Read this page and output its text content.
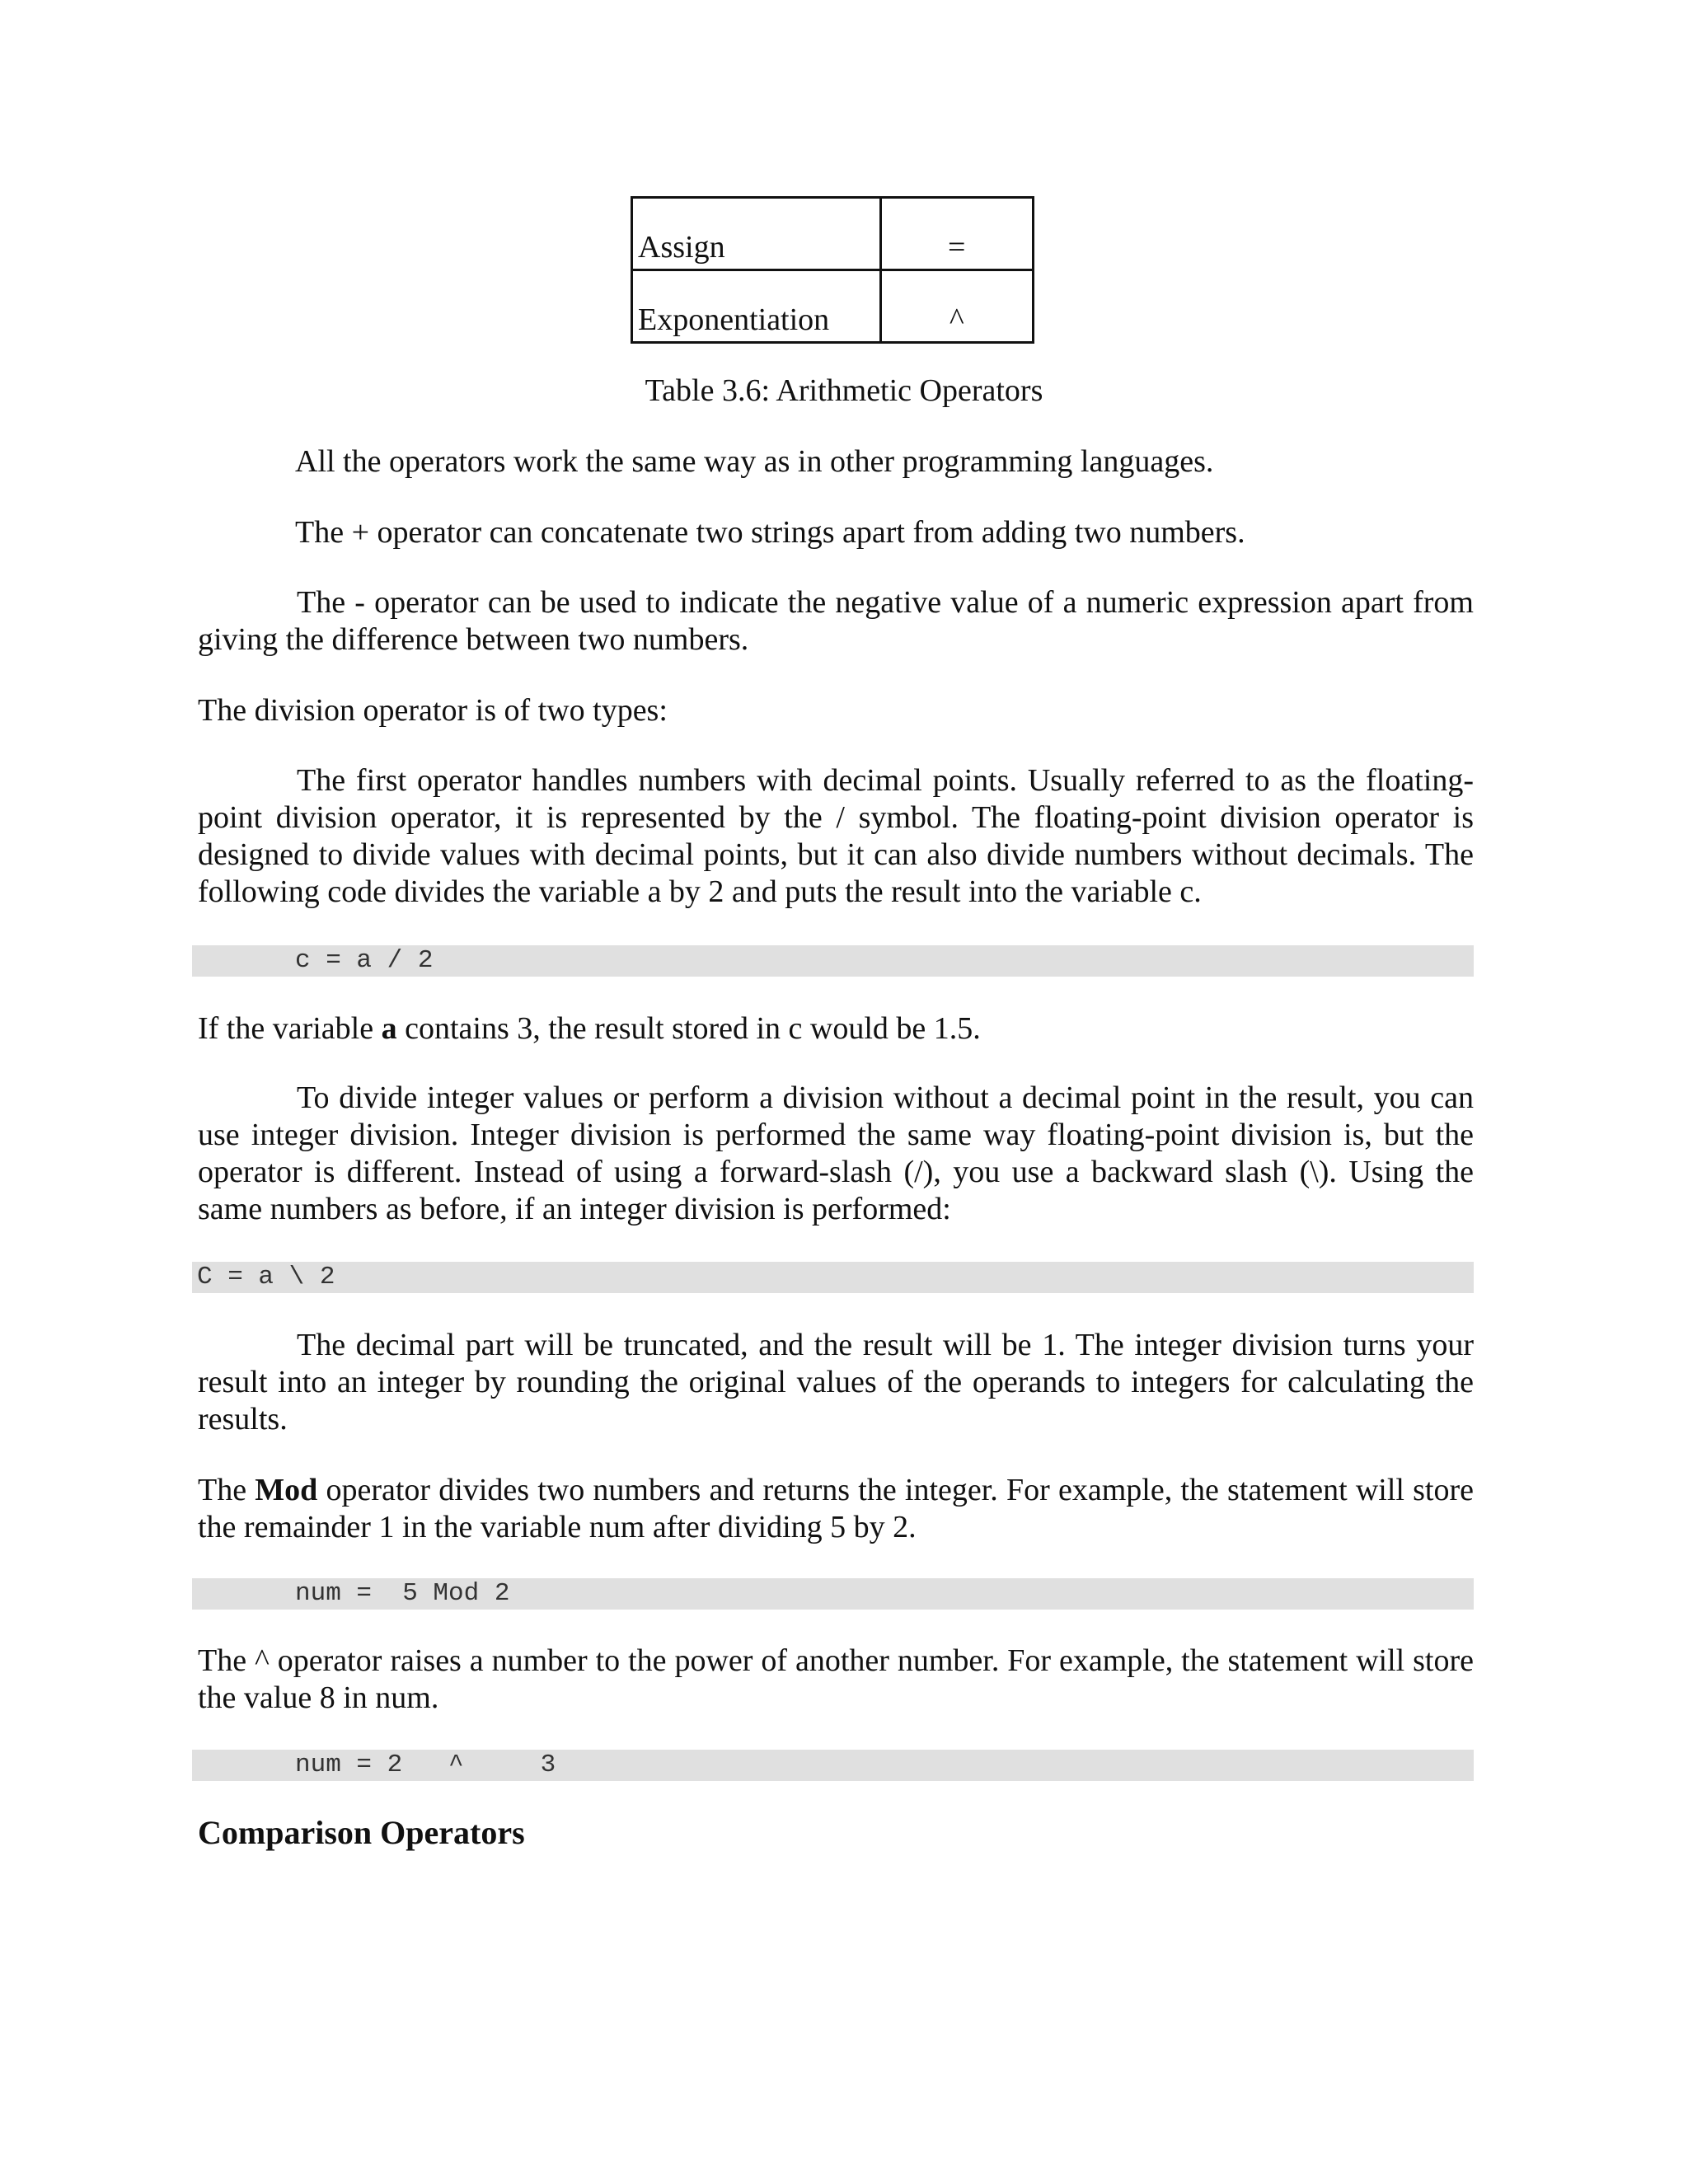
Assign	=
Exponentiation	^
Table 3.6: Arithmetic Operators

All the operators work the same way as in other programming languages.

The + operator can concatenate two strings apart from adding two numbers.

The - operator can be used to indicate the negative value of a numeric expression apart from giving the difference between two numbers.

The division operator is of two types:

The first operator handles numbers with decimal points. Usually referred to as the floating-point division operator, it is represented by the / symbol. The floating-point division operator is designed to divide values with decimal points, but it can also divide numbers without decimals. The following code divides the variable a by 2 and puts the result into the variable c.

c = a / 2

If the variable a contains 3, the result stored in c would be 1.5.

To divide integer values or perform a division without a decimal point in the result, you can use integer division. Integer division is performed the same way floating-point division is, but the operator is different. Instead of using a forward-slash (/), you use a backward slash (\). Using the same numbers as before, if an integer division is performed:

C = a \ 2

The decimal part will be truncated, and the result will be 1. The integer division turns your result into an integer by rounding the original values of the operands to integers for calculating the results.

The Mod operator divides two numbers and returns the integer. For example, the statement will store the remainder 1 in the variable num after dividing 5 by 2.

num =  5 Mod 2

The ^ operator raises a number to the power of another number. For example, the statement will store the value 8 in num.

num = 2   ^     3
Comparison Operators
